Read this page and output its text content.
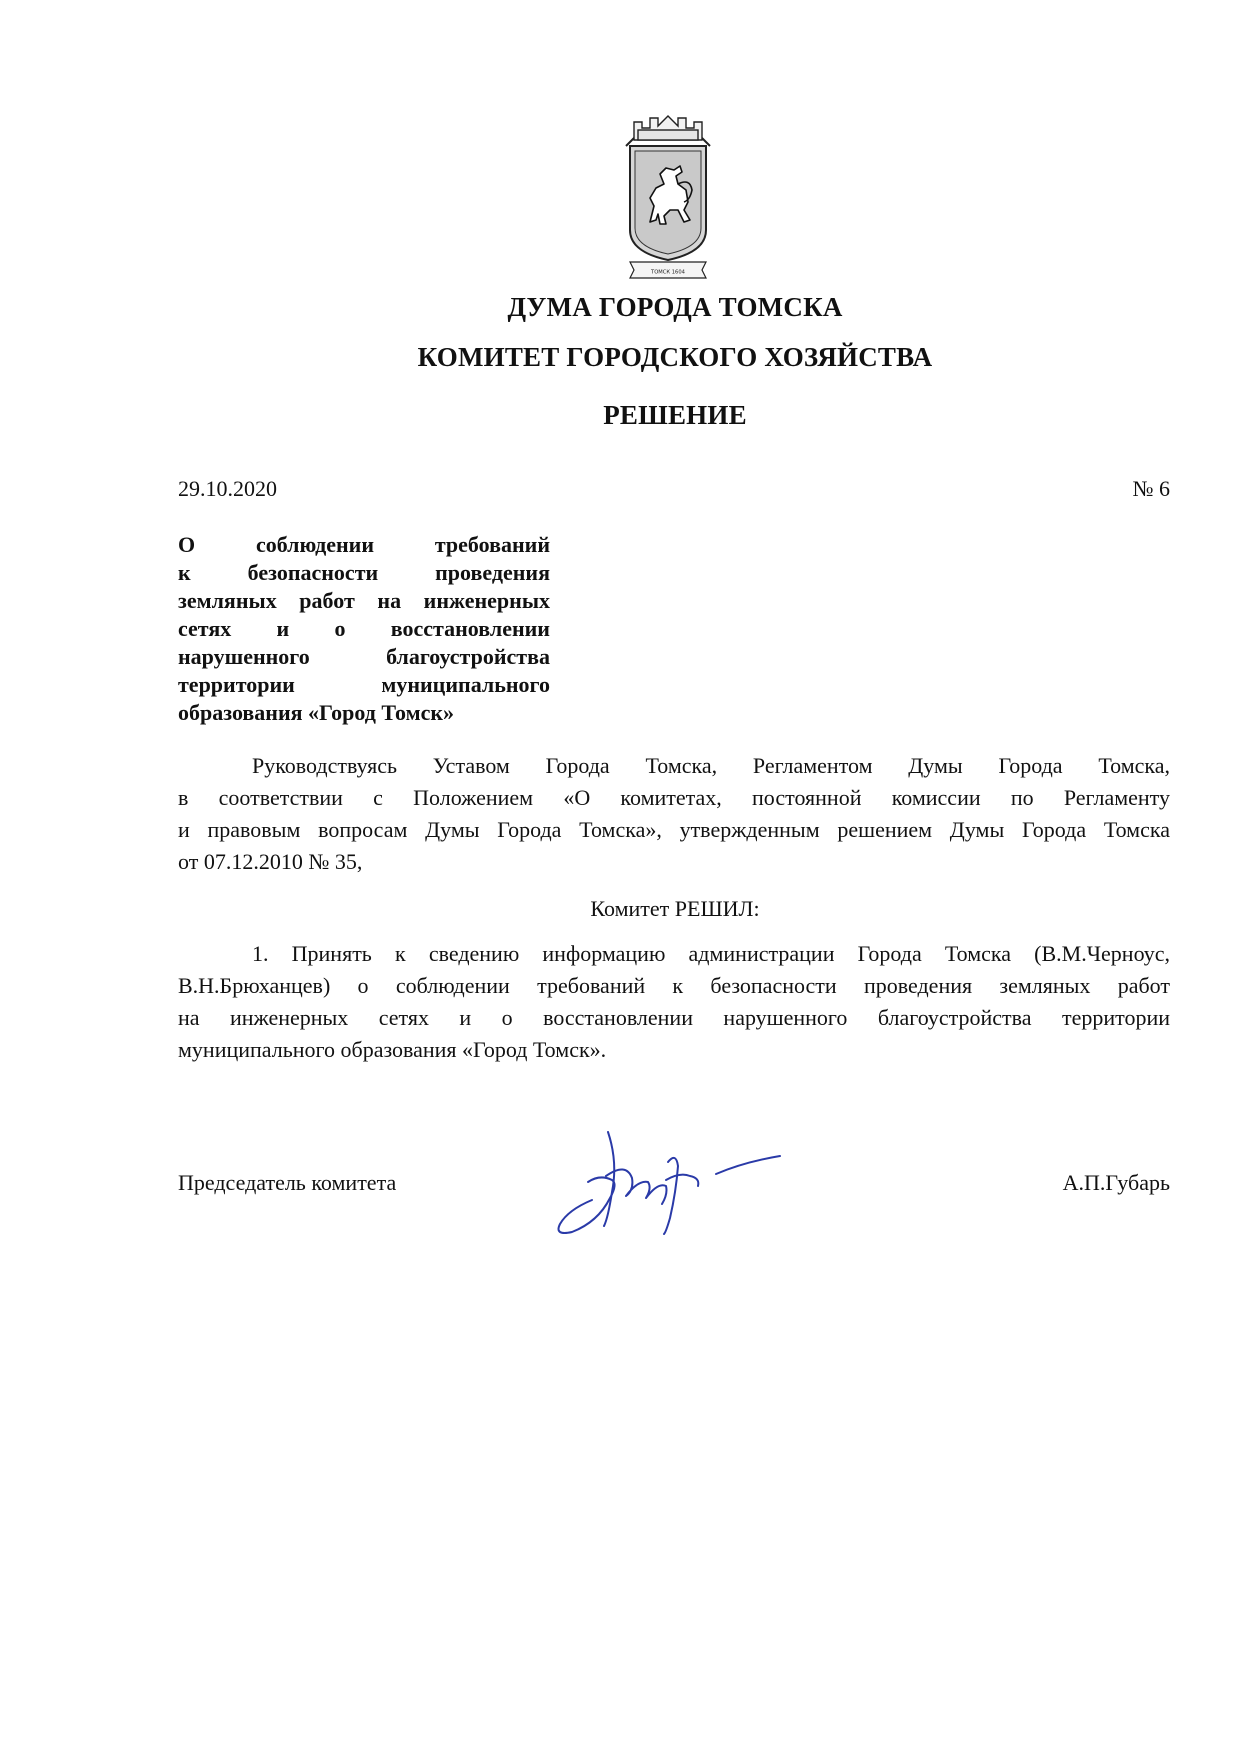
ТОМСК 1604
ДУМА ГОРОДА ТОМСКА
КОМИТЕТ ГОРОДСКОГО ХОЗЯЙСТВА
РЕШЕНИЕ
29.10.2020	№ 6
О соблюдении требований
к безопасности проведения
земляных работ на инженерных
сетях и о восстановлении
нарушенного благоустройства
территории муниципального
образования «Город Томск»
Руководствуясь Уставом Города Томска, Регламентом Думы Города Томска,
в соответствии с Положением «О комитетах, постоянной комиссии по Регламенту
и правовым вопросам Думы Города Томска», утвержденным решением Думы Города Томска
от 07.12.2010 № 35,
Комитет РЕШИЛ:
1. Принять к сведению информацию администрации Города Томска (В.М.Черноус,
В.Н.Брюханцев) о соблюдении требований к безопасности проведения земляных работ
на инженерных сетях и о восстановлении нарушенного благоустройства территории
муниципального образования «Город Томск».
Председатель комитета	А.П.Губарь
